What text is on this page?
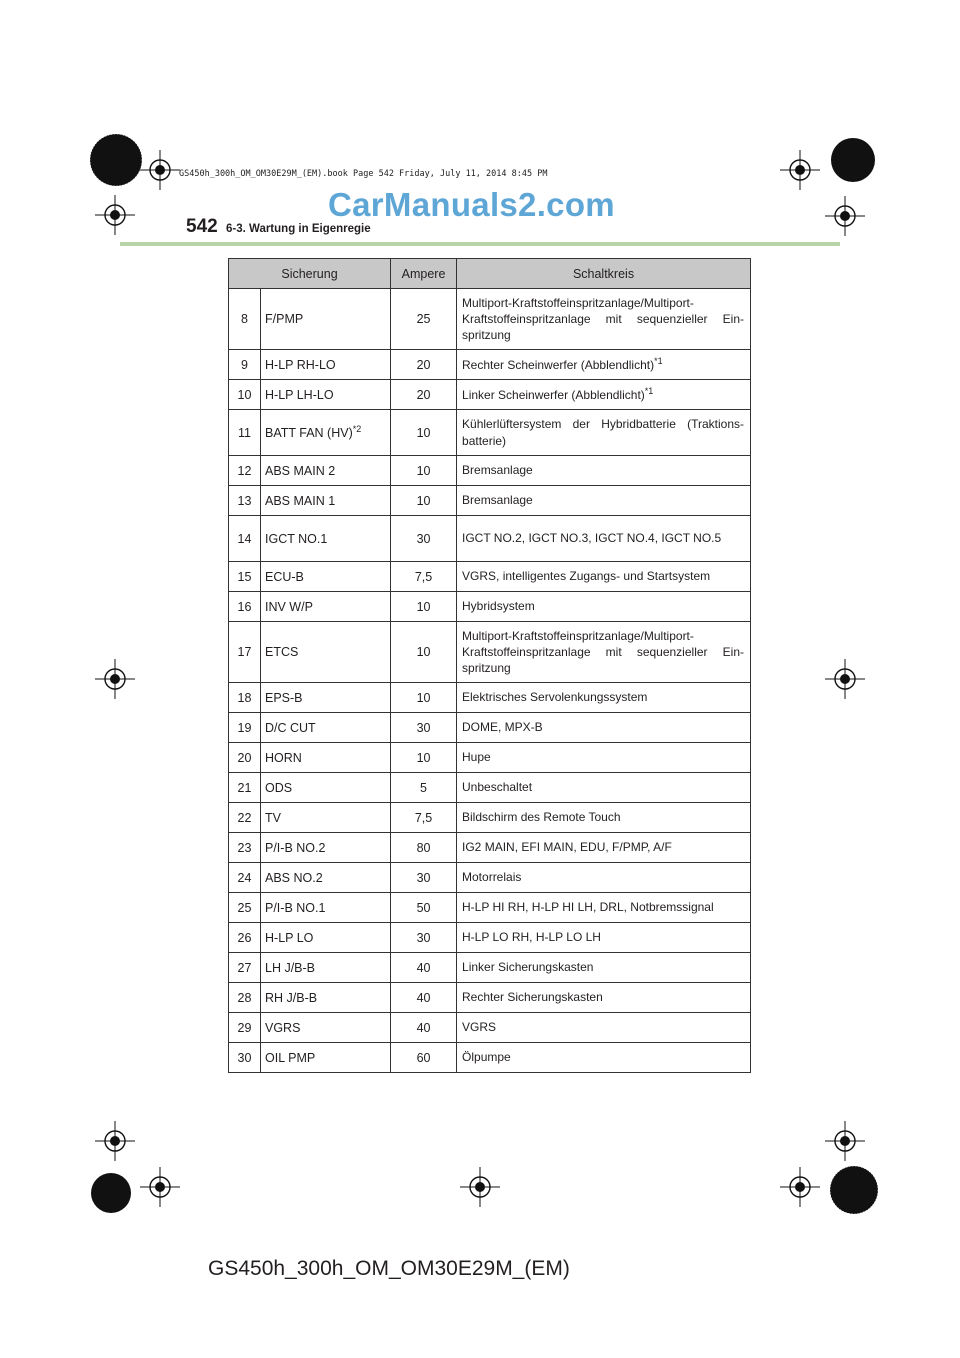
GS450h_300h_OM_OM30E29M_(EM).book Page 542 Friday, July 11, 2014 8:45 PM
CarManuals2.com
542 6-3. Wartung in Eigenregie
Sicherung		Ampere	Schaltkreis
8	F/PMP	25	Multiport-Kraftstoffeinspritzanlage/Multiport-Kraftstoffeinspritzanlage mit sequenzieller Ein-spritzung
9	H-LP RH-LO	20	Rechter Scheinwerfer (Abblendlicht)$^{*1}$
10	H-LP LH-LO	20	Linker Scheinwerfer (Abblendlicht)$^{*1}$
11	BATT FAN (HV)$^{*2}$	10	Kühlerlüftersystem der Hybridbatterie (Traktions-batterie)
12	ABS MAIN 2	10	Bremsanlage
13	ABS MAIN 1	10	Bremsanlage
14	IGCT NO.1	30	IGCT NO.2, IGCT NO.3, IGCT NO.4, IGCT NO.5
15	ECU-B	7,5	VGRS, intelligentes Zugangs- und Startsystem
16	INV W/P	10	Hybridsystem
17	ETCS	10	Multiport-Kraftstoffeinspritzanlage/Multiport-Kraftstoffeinspritzanlage mit sequenzieller Ein-spritzung
18	EPS-B	10	Elektrisches Servolenkungssystem
19	D/C CUT	30	DOME, MPX-B
20	HORN	10	Hupe
21	ODS	5	Unbeschaltet
22	TV	7,5	Bildschirm des Remote Touch
23	P/I-B NO.2	80	IG2 MAIN, EFI MAIN, EDU, F/PMP, A/F
24	ABS NO.2	30	Motorrelais
25	P/I-B NO.1	50	H-LP HI RH, H-LP HI LH, DRL, Notbremssignal
26	H-LP LO	30	H-LP LO RH, H-LP LO LH
27	LH J/B-B	40	Linker Sicherungskasten
28	RH J/B-B	40	Rechter Sicherungskasten
29	VGRS	40	VGRS
30	OIL PMP	60	Ölpumpe
GS450h_300h_OM_OM30E29M_(EM)
